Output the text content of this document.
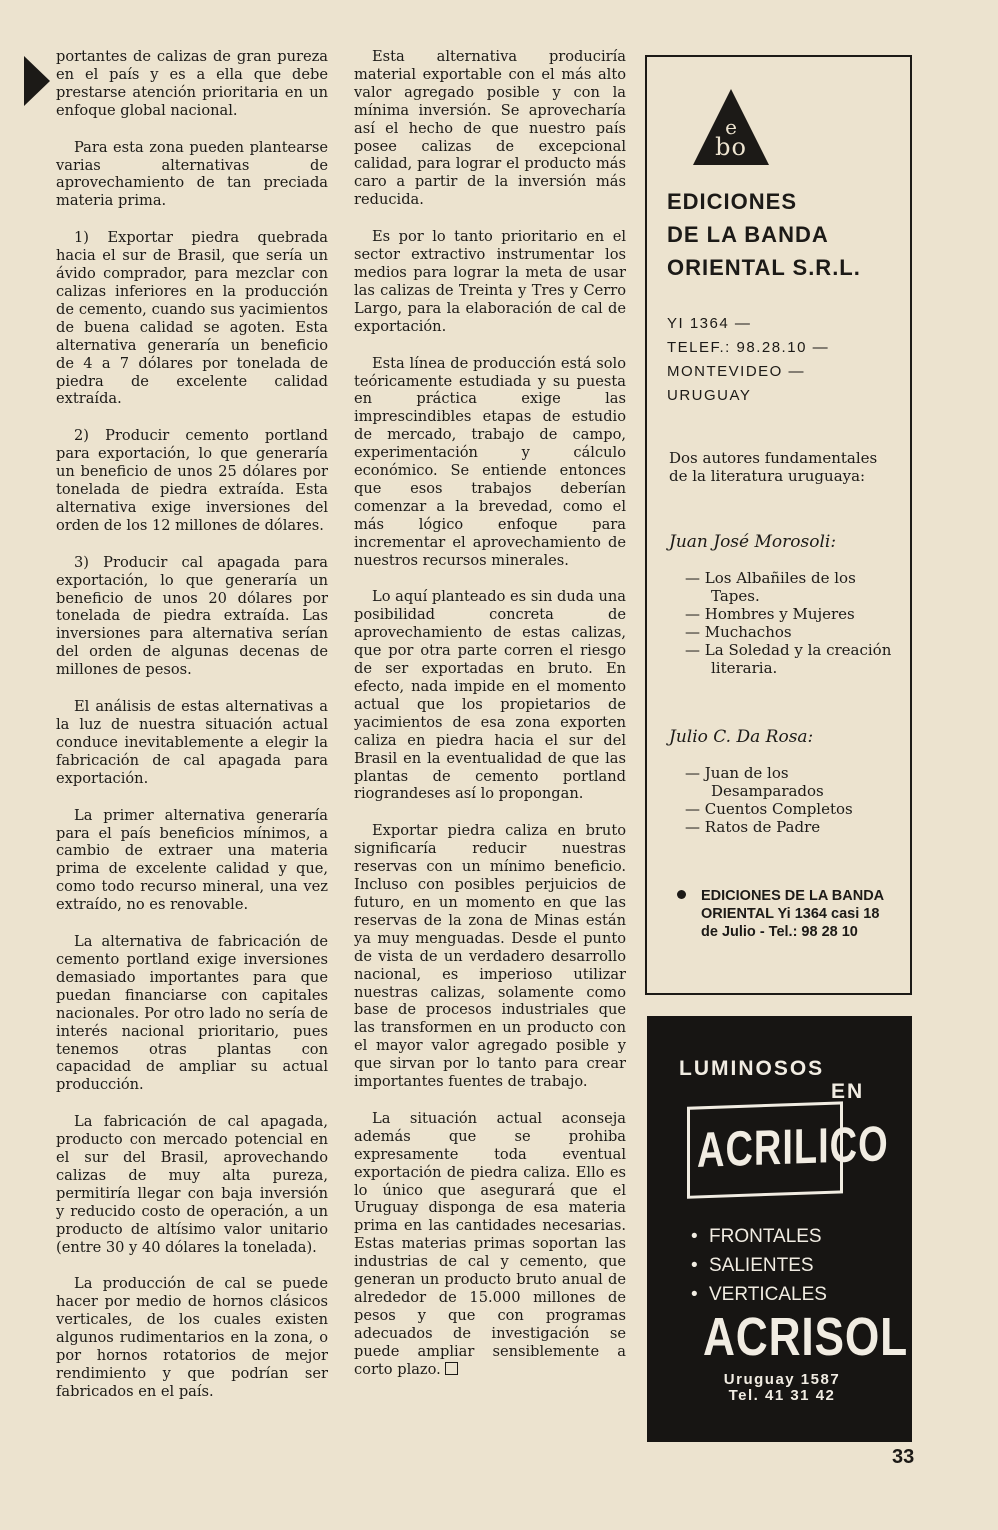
portantes de calizas de gran pureza en el país y es a ella que debe prestarse atención prioritaria en un enfoque global nacional.

Para esta zona pueden plantearse varias alternativas de aprovechamiento de tan preciada materia prima.

1) Exportar piedra quebrada hacia el sur de Brasil, que sería un ávido comprador, para mezclar con calizas inferiores en la producción de cemento, cuando sus yacimientos de buena calidad se agoten. Esta alternativa generaría un beneficio de 4 a 7 dólares por tonelada de piedra de excelente calidad extraída.

2) Producir cemento portland para exportación, lo que generaría un beneficio de unos 25 dólares por tonelada de piedra extraída. Esta alternativa exige inversiones del orden de los 12 millones de dólares.

3) Producir cal apagada para exportación, lo que generaría un beneficio de unos 20 dólares por tonelada de piedra extraída. Las inversiones para alternativa serían del orden de algunas decenas de millones de pesos.

El análisis de estas alternativas a la luz de nuestra situación actual conduce inevitablemente a elegir la fabricación de cal apagada para exportación.

La primer alternativa generaría para el país beneficios mínimos, a cambio de extraer una materia prima de excelente calidad y que, como todo recurso mineral, una vez extraído, no es renovable.

La alternativa de fabricación de cemento portland exige inversiones demasiado importantes para que puedan financiarse con capitales nacionales. Por otro lado no sería de interés nacional prioritario, pues tenemos otras plantas con capacidad de ampliar su actual producción.

La fabricación de cal apagada, producto con mercado potencial en el sur del Brasil, aprovechando calizas de muy alta pureza, permitiría llegar con baja inversión y reducido costo de operación, a un producto de altísimo valor unitario (entre 30 y 40 dólares la tonelada).

La producción de cal se puede hacer por medio de hornos clásicos verticales, de los cuales existen algunos rudimentarios en la zona, o por hornos rotatorios de mejor rendimiento y que podrían ser fabricados en el país.

Esta alternativa produciría material exportable con el más alto valor agregado posible y con la mínima inversión. Se aprovecharía así el hecho de que nuestro país posee calizas de excepcional calidad, para lograr el producto más caro a partir de la inversión más reducida.

Es por lo tanto prioritario en el sector extractivo instrumentar los medios para lograr la meta de usar las calizas de Treinta y Tres y Cerro Largo, para la elaboración de cal de exportación.

Esta línea de producción está solo teóricamente estudiada y su puesta en práctica exige las imprescindibles etapas de estudio de mercado, trabajo de campo, experimentación y cálculo económico. Se entiende entonces que esos trabajos deberían comenzar a la brevedad, como el más lógico enfoque para incrementar el aprovechamiento de nuestros recursos minerales.

Lo aquí planteado es sin duda una posibilidad concreta de aprovechamiento de estas calizas, que por otra parte corren el riesgo de ser exportadas en bruto. En efecto, nada impide en el momento actual que los propietarios de yacimientos de esa zona exporten caliza en piedra hacia el sur del Brasil en la eventualidad de que las plantas de cemento portland riograndeses así lo propongan.

Exportar piedra caliza en bruto significaría reducir nuestras reservas con un mínimo beneficio. Incluso con posibles perjuicios de futuro, en un momento en que las reservas de la zona de Minas están ya muy menguadas. Desde el punto de vista de un verdadero desarrollo nacional, es imperioso utilizar nuestras calizas, solamente como base de procesos industriales que las transformen en un producto con el mayor valor agregado posible y que sirvan por lo tanto para crear importantes fuentes de trabajo.

La situación actual aconseja además que se prohiba expresamente toda eventual exportación de piedra caliza. Ello es lo único que asegurará que el Uruguay disponga de esa materia prima en las cantidades necesarias. Estas materias primas soportan las industrias de cal y cemento, que generan un producto bruto anual de alrededor de 15.000 millones de pesos y que con programas adecuados de investigación se puede ampliar sensiblemente a corto plazo.

e
bo
EDICIONES
DE LA BANDA
ORIENTAL S.R.L.
YI 1364 —
TELEF.: 98.28.10 —
MONTEVIDEO —
URUGUAY
Dos autores fundamentales de la literatura uruguaya:
Juan José Morosoli:
— Los Albañiles de los Tapes.
— Hombres y Mujeres
— Muchachos
— La Soledad y la creación literaria.
Julio C. Da Rosa:
— Juan de los Desamparados
— Cuentos Completos
— Ratos de Padre
EDICIONES DE LA BANDA ORIENTAL Yi 1364 casi 18 de Julio - Tel.: 98 28 10
LUMINOSOS
EN
ACRILICO
• FRONTALES
• SALIENTES
• VERTICALES
ACRISOL
Uruguay 1587
Tel. 41 31 42
33
